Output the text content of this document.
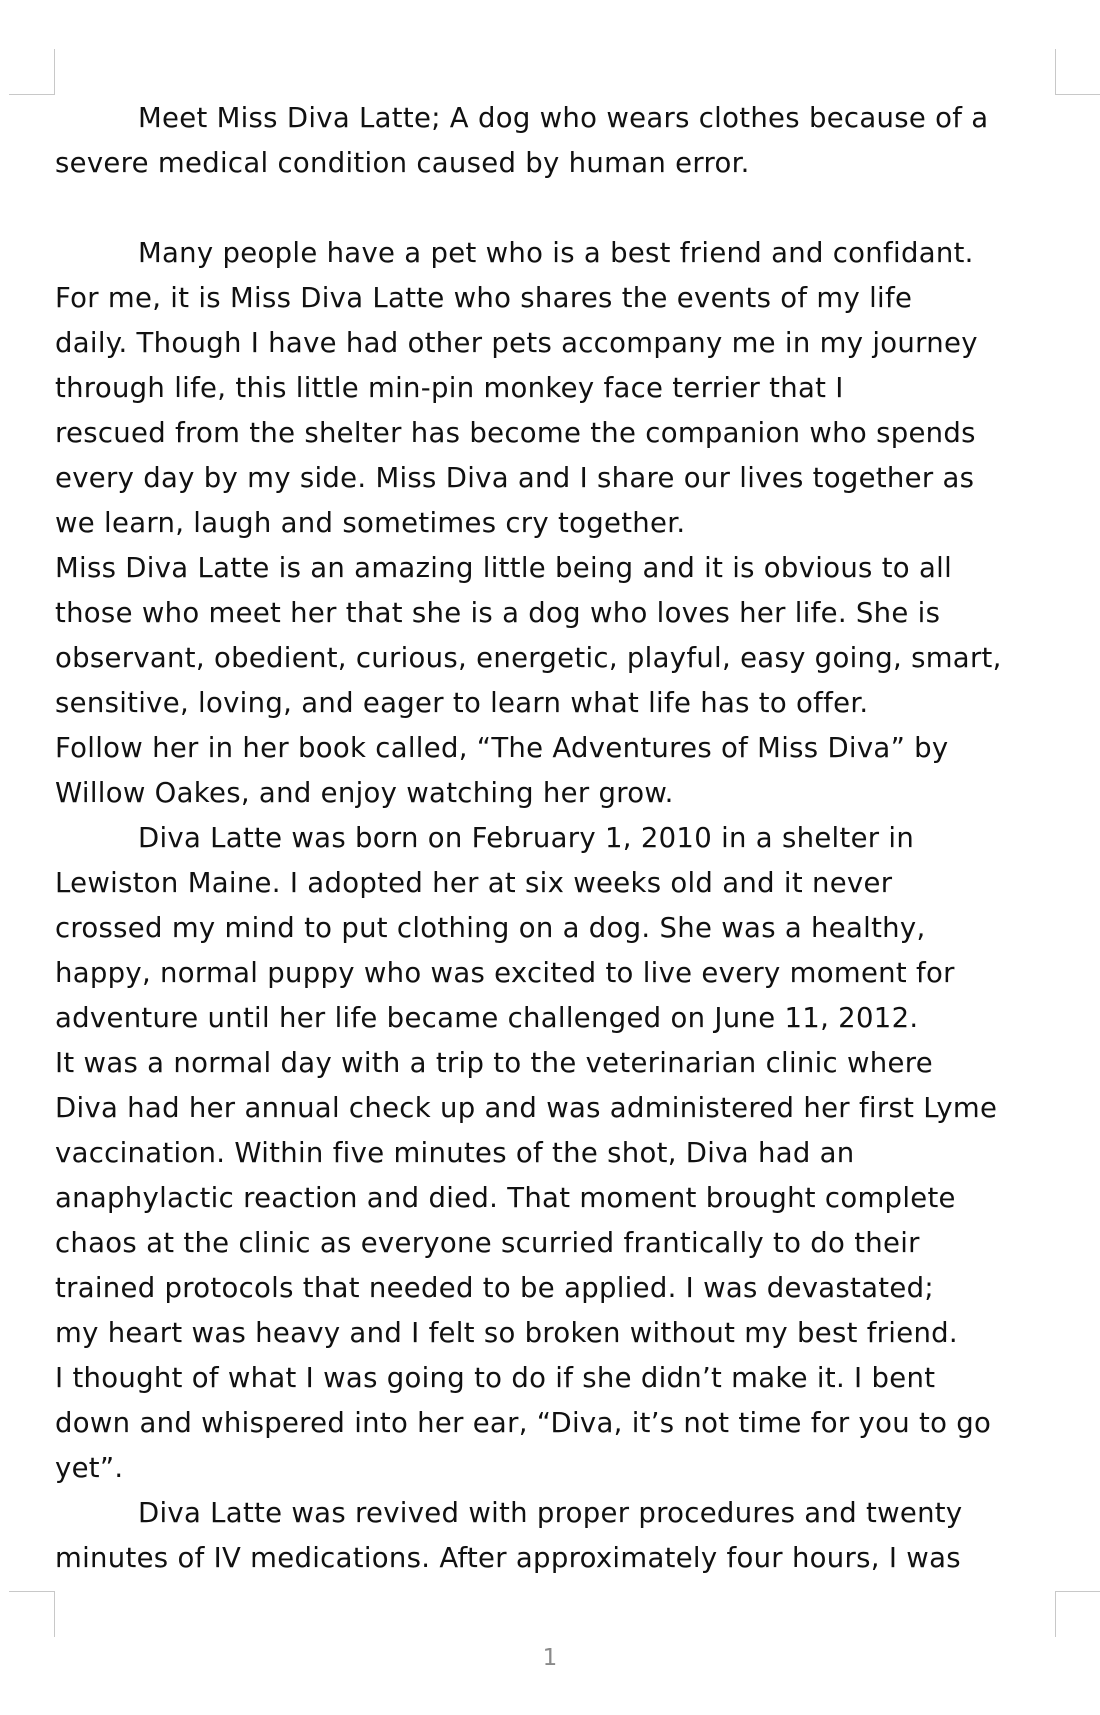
Meet Miss Diva Latte; A dog who wears clothes because of a
severe medical condition caused by human error.

Many people have a pet who is a best friend and confidant.
For me, it is Miss Diva Latte who shares the events of my life
daily. Though I have had other pets accompany me in my journey
through life, this little min-pin monkey face terrier that I
rescued from the shelter has become the companion who spends
every day by my side. Miss Diva and I share our lives together as
we learn, laugh and sometimes cry together.

Miss Diva Latte is an amazing little being and it is obvious to all
those who meet her that she is a dog who loves her life. She is
observant, obedient, curious, energetic, playful, easy going, smart,
sensitive, loving, and eager to learn what life has to offer.

Follow her in her book called, “The Adventures of Miss Diva” by
Willow Oakes, and enjoy watching her grow.

Diva Latte was born on February 1, 2010 in a shelter in
Lewiston Maine. I adopted her at six weeks old and it never
crossed my mind to put clothing on a dog. She was a healthy,
happy, normal puppy who was excited to live every moment for
adventure until her life became challenged on June 11, 2012.

It was a normal day with a trip to the veterinarian clinic where
Diva had her annual check up and was administered her first Lyme
vaccination. Within five minutes of the shot, Diva had an
anaphylactic reaction and died. That moment brought complete
chaos at the clinic as everyone scurried frantically to do their
trained protocols that needed to be applied. I was devastated;
my heart was heavy and I felt so broken without my best friend.
I thought of what I was going to do if she didn’t make it. I bent
down and whispered into her ear, “Diva, it’s not time for you to go
yet”.

Diva Latte was revived with proper procedures and twenty
minutes of IV medications. After approximately four hours, I was

1
